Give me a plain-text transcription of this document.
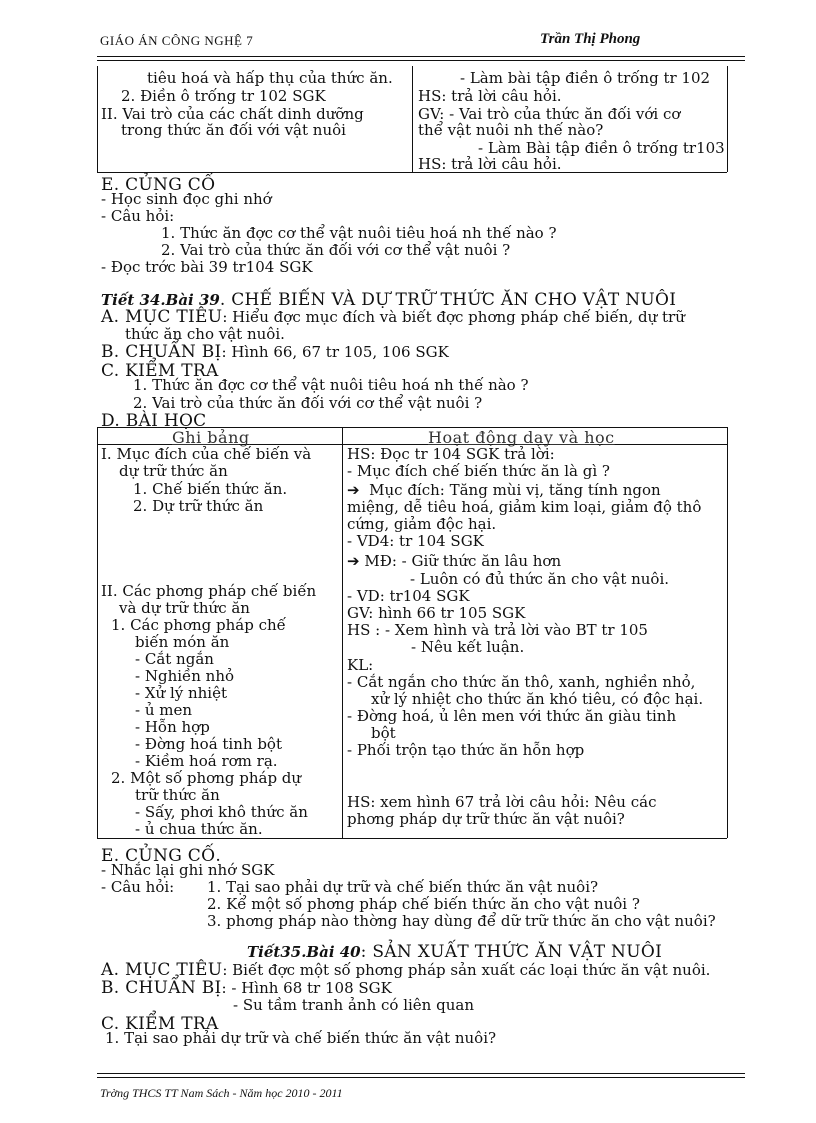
GIÁO ÁN CÔNG NGHỆ 7	Trần Thị Phong
tiêu hoá và hấp thụ của thức ăn.
2. Điền ô trống tr 102 SGK
II. Vai trò của các chất dinh dưỡng
trong thức ăn đối với vật nuôi
- Làm bài tập điền ô trống tr 102
HS: trả lời câu hỏi.
GV: - Vai trò của thức ăn đối với cơ
thể vật nuôi nh thế nào?
- Làm Bài tập điền ô trống tr103
HS: trả lời câu hỏi.
E. CỦNG CỐ
- Học sinh đọc ghi nhớ
- Câu hỏi:
1. Thức ăn đợc cơ thể vật nuôi tiêu hoá nh thế nào ?
2. Vai trò của thức ăn đối với cơ thể vật nuôi ?
- Đọc trớc bài 39 tr104 SGK
Tiết 34.Bài 39. CHẾ BIẾN VÀ DỰ TRỮ THỨC ĂN CHO VẬT NUÔI
A. MỤC TIÊU: Hiểu đợc mục đích và biết đợc phơng pháp chế biến, dự trữ
thức ăn cho vật nuôi.
B. CHUẨN BỊ: Hình 66, 67 tr 105, 106 SGK
C. KIỂM TRA
1. Thức ăn đợc cơ thể vật nuôi tiêu hoá nh thế nào ?
2. Vai trò của thức ăn đối với cơ thể vật nuôi ?
D. BÀI HỌC
Ghi bảng	Hoạt động dạy và học
I. Mục đích của chế biến và
dự trữ thức ăn
1. Chế biến thức ăn.
2. Dự trữ thức ăn
II. Các phơng pháp chế biến
và dự trữ thức ăn
1. Các phơng pháp chế
biến món ăn
- Cắt ngắn
- Nghiền nhỏ
- Xử lý nhiệt
- ủ men
- Hỗn hợp
- Đờng hoá tinh bột
- Kiềm hoá rơm rạ.
2. Một số phơng pháp dự
trữ thức ăn
- Sấy, phơi khô thức ăn
- ủ chua thức ăn.
HS: Đọc tr 104 SGK trả lời:
- Mục đích chế biến thức ăn là gì ?
➔ Mục đích: Tăng mùi vị, tăng tính ngon
miệng, dễ tiêu hoá, giảm kim loại, giảm độ thô
cứng, giảm độc hại.
- VD4: tr 104 SGK
➔ MĐ: - Giữ thức ăn lâu hơn
- Luôn có đủ thức ăn cho vật nuôi.
- VD: tr104 SGK
GV: hình 66 tr 105 SGK
HS : - Xem hình và trả lời vào BT tr 105
- Nêu kết luận.
KL:
- Cắt ngắn cho thức ăn thô, xanh, nghiền nhỏ,
xử lý nhiệt cho thức ăn khó tiêu, có độc hại.
- Đờng hoá, ủ lên men với thức ăn giàu tinh
bột
- Phối trộn tạo thức ăn hỗn hợp
HS: xem hình 67 trả lời câu hỏi: Nêu các
phơng pháp dự trữ thức ăn vật nuôi?
E. CỦNG CỐ.
- Nhắc lại ghi nhớ SGK
- Câu hỏi: 1. Tại sao phải dự trữ và chế biến thức ăn vật nuôi?
2. Kể một số phơng pháp chế biến thức ăn cho vật nuôi ?
3. phơng pháp nào thờng hay dùng để dữ trữ thức ăn cho vật nuôi?
Tiết35.Bài 40: SẢN XUẤT THỨC ĂN VẬT NUÔI
A. MỤC TIÊU: Biết đợc một số phơng pháp sản xuất các loại thức ăn vật nuôi.
B. CHUẨN BỊ: - Hình 68 tr 108 SGK
- Su tầm tranh ảnh có liên quan
C. KIỂM TRA
1. Tại sao phải dự trữ và chế biến thức ăn vật nuôi?
Trờng THCS TT Nam Sách - Năm học 2010 - 2011
